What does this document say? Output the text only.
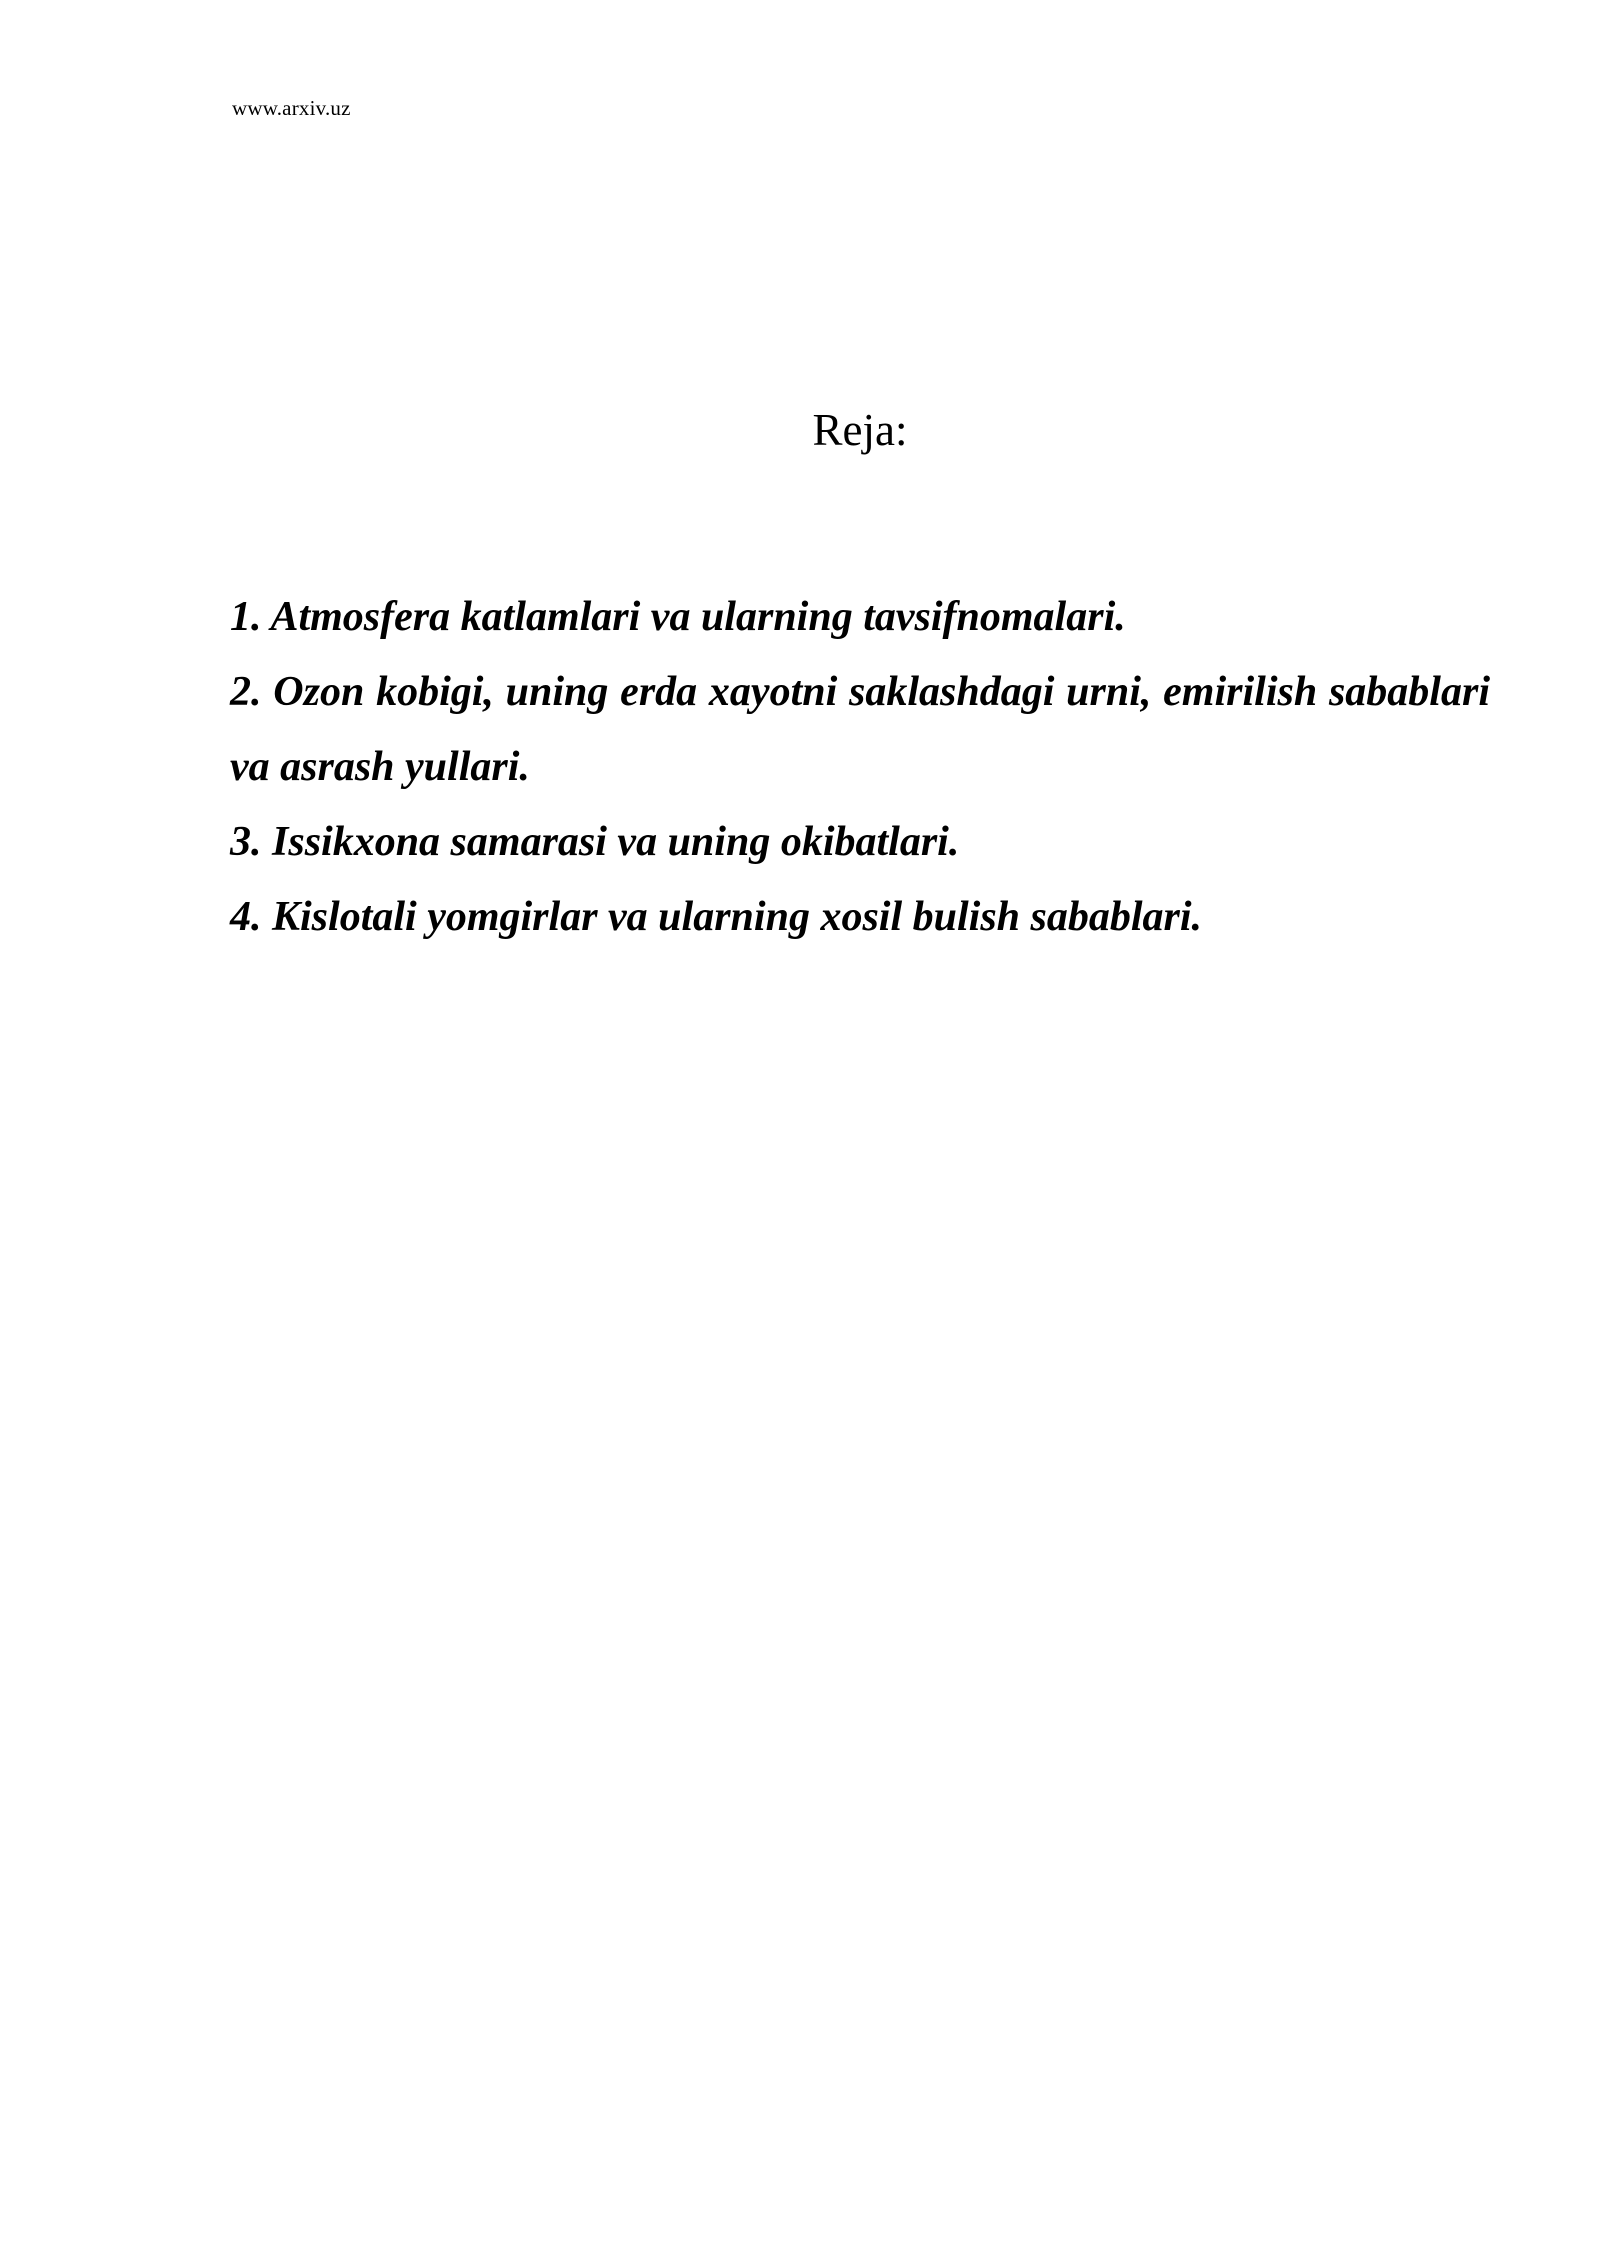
www.arxiv.uz
Reja:

1. Atmosfera katlamlari va ularning tavsifnomalari.

2. Ozon kobigi, uning erda xayotni saklashdagi urni, emirilish sabablari va asrash yullari.

3. Issikxona samarasi va uning okibatlari.

4. Kislotali yomgirlar va ularning xosil bulish sabablari.
